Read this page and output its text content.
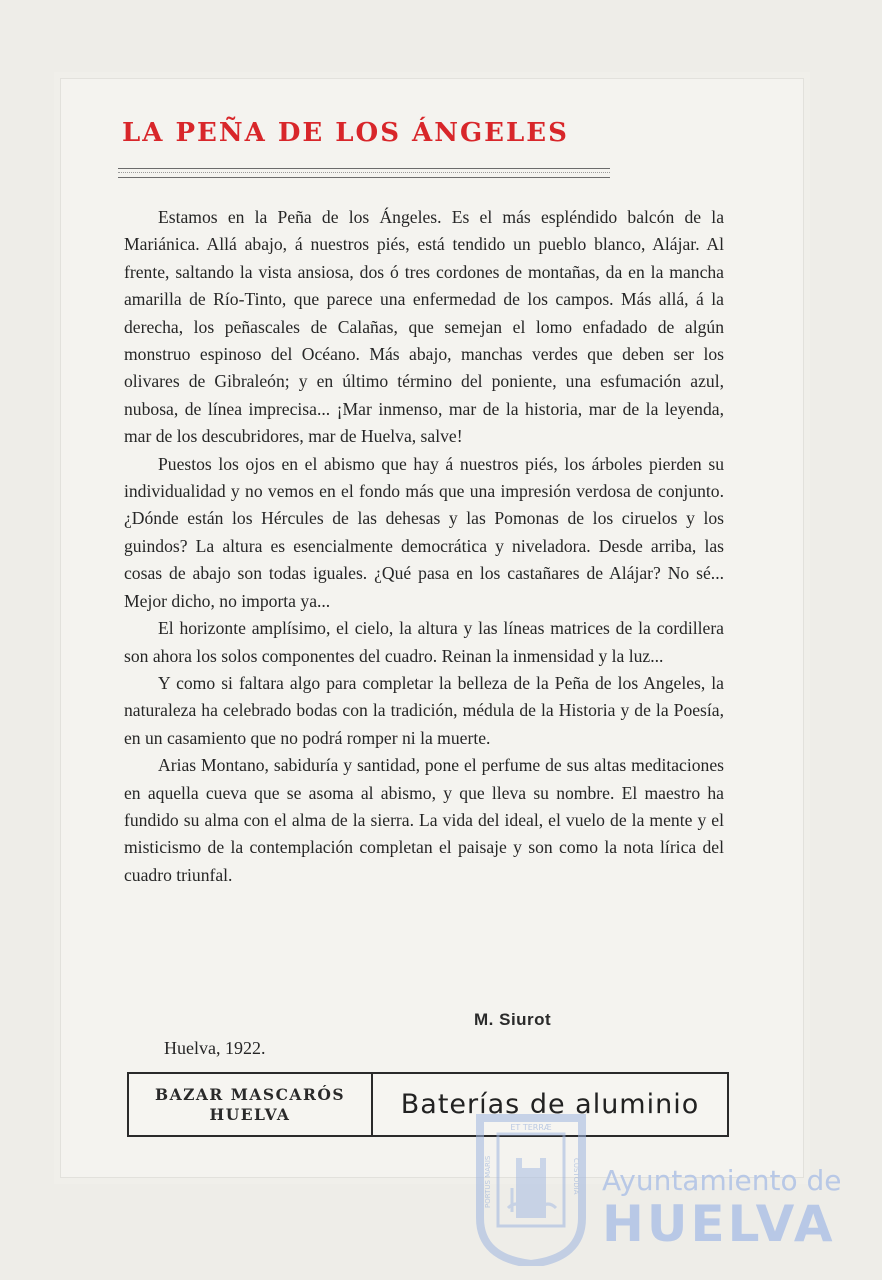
LA PEÑA DE LOS ÁNGELES

Estamos en la Peña de los Ángeles. Es el más espléndido balcón de la Mariánica. Allá abajo, á nuestros piés, está tendido un pueblo blanco, Alájar. Al frente, saltando la vista ansiosa, dos ó tres cordones de montañas, da en la mancha amarilla de Río-Tinto, que parece una enfermedad de los campos. Más allá, á la derecha, los peñascales de Calañas, que semejan el lomo enfadado de algún monstruo espinoso del Océano. Más abajo, manchas verdes que deben ser los olivares de Gibraleón; y en último término del poniente, una esfumación azul, nubosa, de línea imprecisa... ¡Mar inmenso, mar de la historia, mar de la leyenda, mar de los descubridores, mar de Huelva, salve!

Puestos los ojos en el abismo que hay á nuestros piés, los árboles pierden su individualidad y no vemos en el fondo más que una impresión verdosa de conjunto. ¿Dónde están los Hércules de las dehesas y las Pomonas de los ciruelos y los guindos? La altura es esencialmente democrática y niveladora. Desde arriba, las cosas de abajo son todas iguales. ¿Qué pasa en los castañares de Alájar? No sé... Mejor dicho, no importa ya...

El horizonte amplísimo, el cielo, la altura y las líneas matrices de la cordillera son ahora los solos componentes del cuadro. Reinan la inmensidad y la luz...

Y como si faltara algo para completar la belleza de la Peña de los Angeles, la naturaleza ha celebrado bodas con la tradición, médula de la Historia y de la Poesía, en un casamiento que no podrá romper ni la muerte.

Arias Montano, sabiduría y santidad, pone el perfume de sus altas meditaciones en aquella cueva que se asoma al abismo, y que lleva su nombre. El maestro ha fundido su alma con el alma de la sierra. La vida del ideal, el vuelo de la mente y el misticismo de la contemplación completan el paisaje y son como la nota lírica del cuadro triunfal.

M. Siurot
Huelva, 1922.
BAZAR MASCARÓS
HUELVA	Baterías de aluminio
ET TERRÆ
PORTUS MARIS	CUSTODIA Ayuntamiento de
HUELVA
